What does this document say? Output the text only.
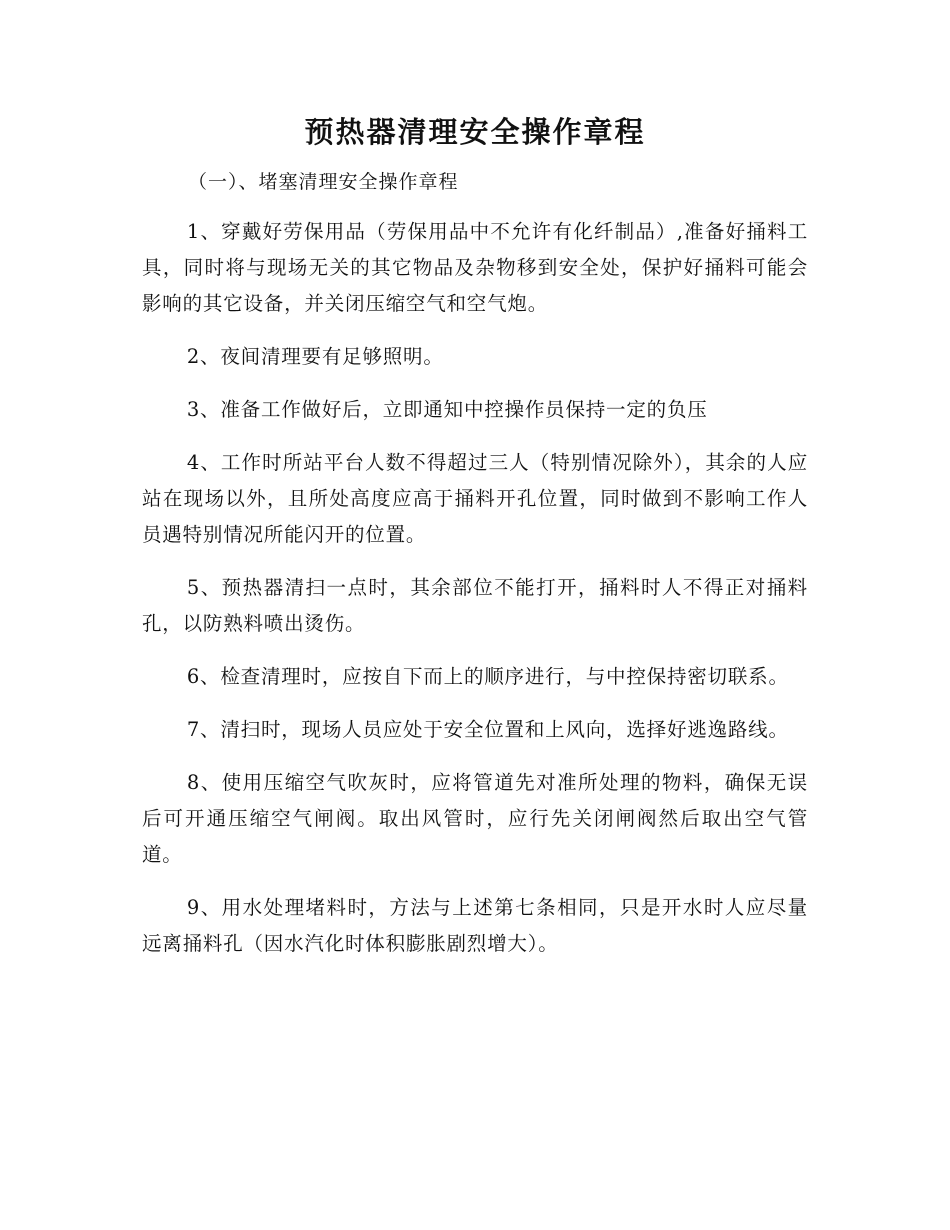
预热器清理安全操作章程

（一）、堵塞清理安全操作章程

1、穿戴好劳保用品（劳保用品中不允许有化纤制品）,准备好捅料工具，同时将与现场无关的其它物品及杂物移到安全处，保护好捅料可能会影响的其它设备，并关闭压缩空气和空气炮。

2、夜间清理要有足够照明。

3、准备工作做好后，立即通知中控操作员保持一定的负压

4、工作时所站平台人数不得超过三人（特别情况除外），其余的人应站在现场以外，且所处高度应高于捅料开孔位置，同时做到不影响工作人员遇特别情况所能闪开的位置。

5、预热器清扫一点时，其余部位不能打开，捅料时人不得正对捅料孔，以防熟料喷出烫伤。

6、检查清理时，应按自下而上的顺序进行，与中控保持密切联系。

7、清扫时，现场人员应处于安全位置和上风向，选择好逃逸路线。

8、使用压缩空气吹灰时，应将管道先对准所处理的物料，确保无误后可开通压缩空气闸阀。取出风管时，应行先关闭闸阀然后取出空气管道。

9、用水处理堵料时，方法与上述第七条相同，只是开水时人应尽量远离捅料孔（因水汽化时体积膨胀剧烈增大）。
